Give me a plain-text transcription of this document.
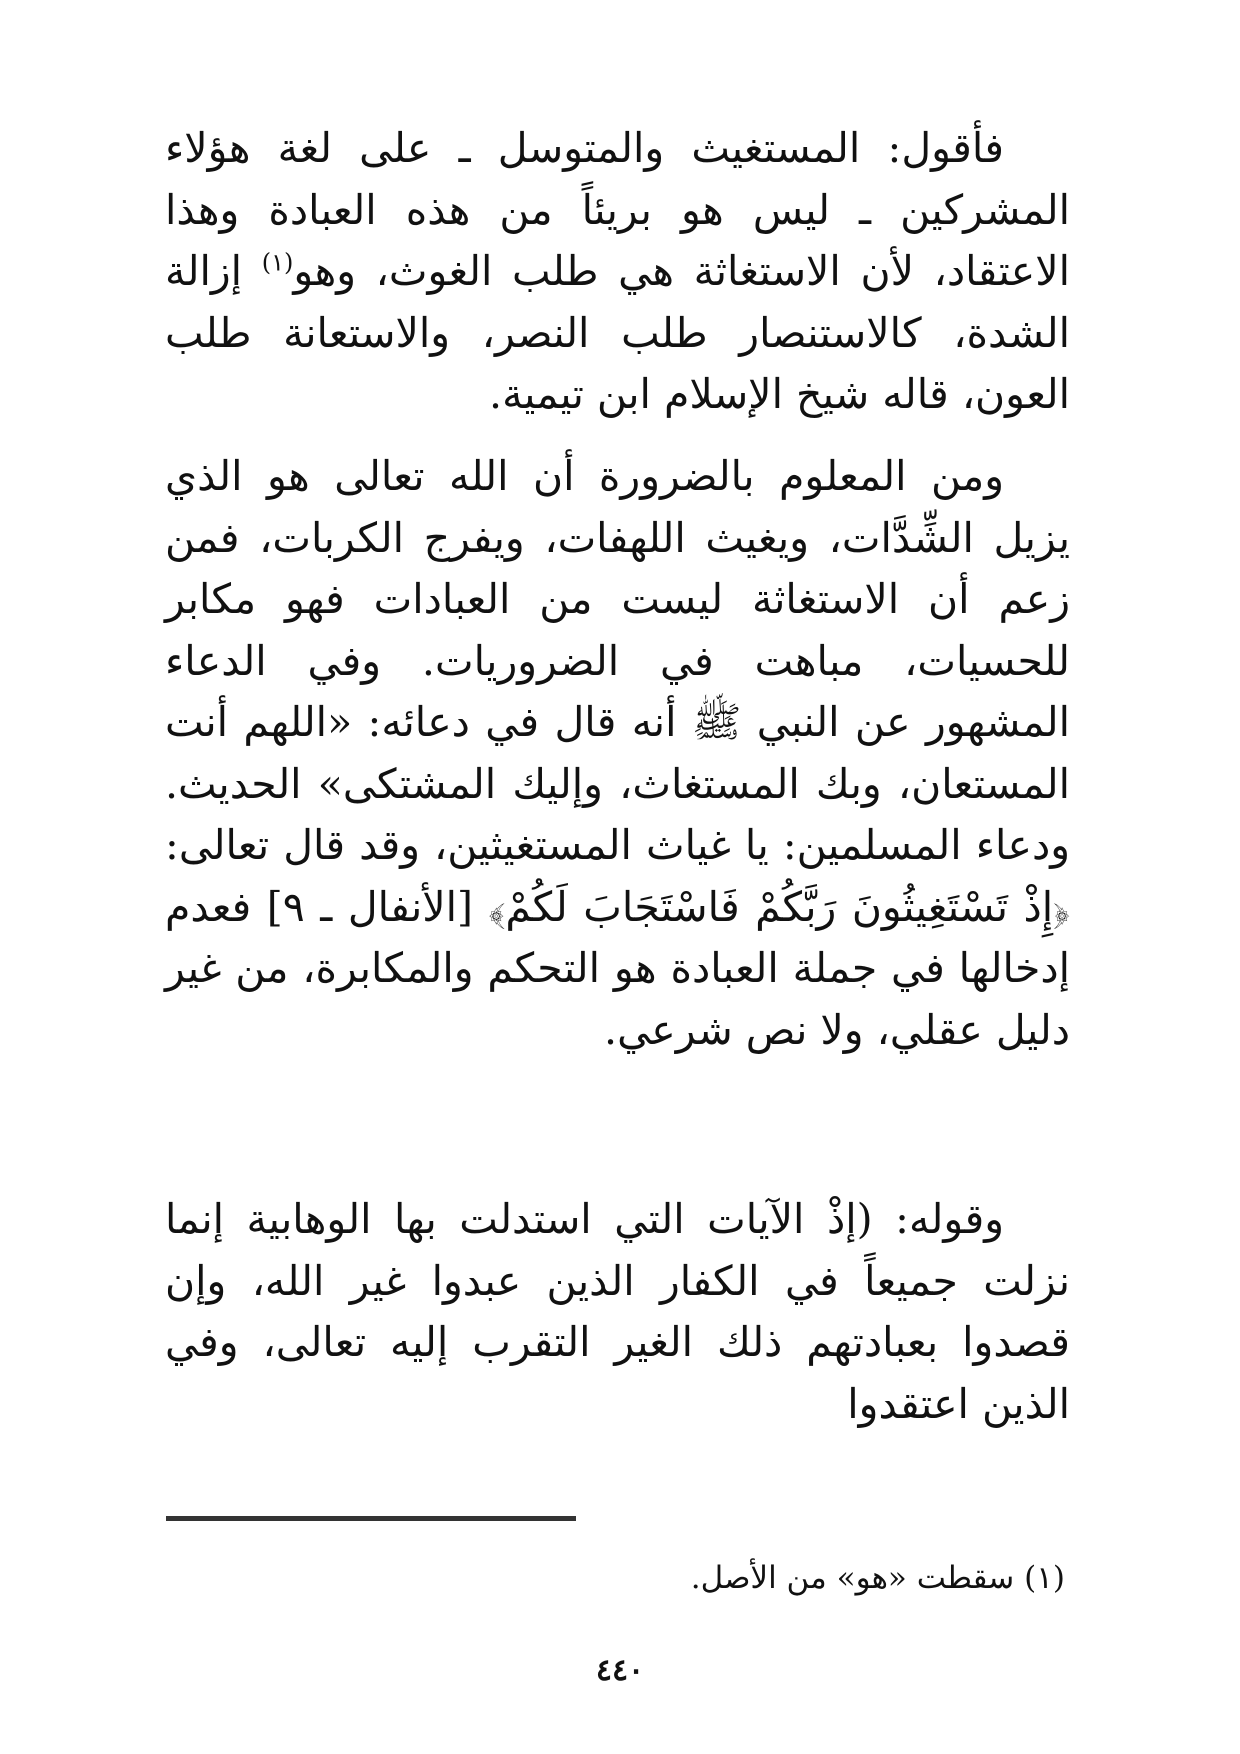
فأقول: المستغيث والمتوسل ـ على لغة هؤلاء المشركين ـ ليس هو بريئاً من هذه العبادة وهذا الاعتقاد، لأن الاستغاثة هي طلب الغوث، وهو$^{(١)}$ إزالة الشدة، كالاستنصار طلب النصر، والاستعانة طلب العون، قاله شيخ الإسلام ابن تيمية.

ومن المعلوم بالضرورة أن الله تعالى هو الذي يزيل الشِّدَّات، ويغيث اللهفات، ويفرج الكربات، فمن زعم أن الاستغاثة ليست من العبادات فهو مكابر للحسيات، مباهت في الضروريات. وفي الدعاء المشهور عن النبي ﷺ أنه قال في دعائه: «اللهم أنت المستعان، وبك المستغاث، وإليك المشتكى» الحديث. ودعاء المسلمين: يا غياث المستغيثين، وقد قال تعالى: ﴿إِذْ تَسْتَغِيثُونَ رَبَّكُمْ فَاسْتَجَابَ لَكُمْ﴾ [الأنفال ـ ٩] فعدم إدخالها في جملة العبادة هو التحكم والمكابرة، من غير دليل عقلي، ولا نص شرعي.

وقوله: (إذْ الآيات التي استدلت بها الوهابية إنما نزلت جميعاً في الكفار الذين عبدوا غير الله، وإن قصدوا بعبادتهم ذلك الغير التقرب إليه تعالى، وفي الذين اعتقدوا

(١) سقطت «هو» من الأصل.
٤٤٠
